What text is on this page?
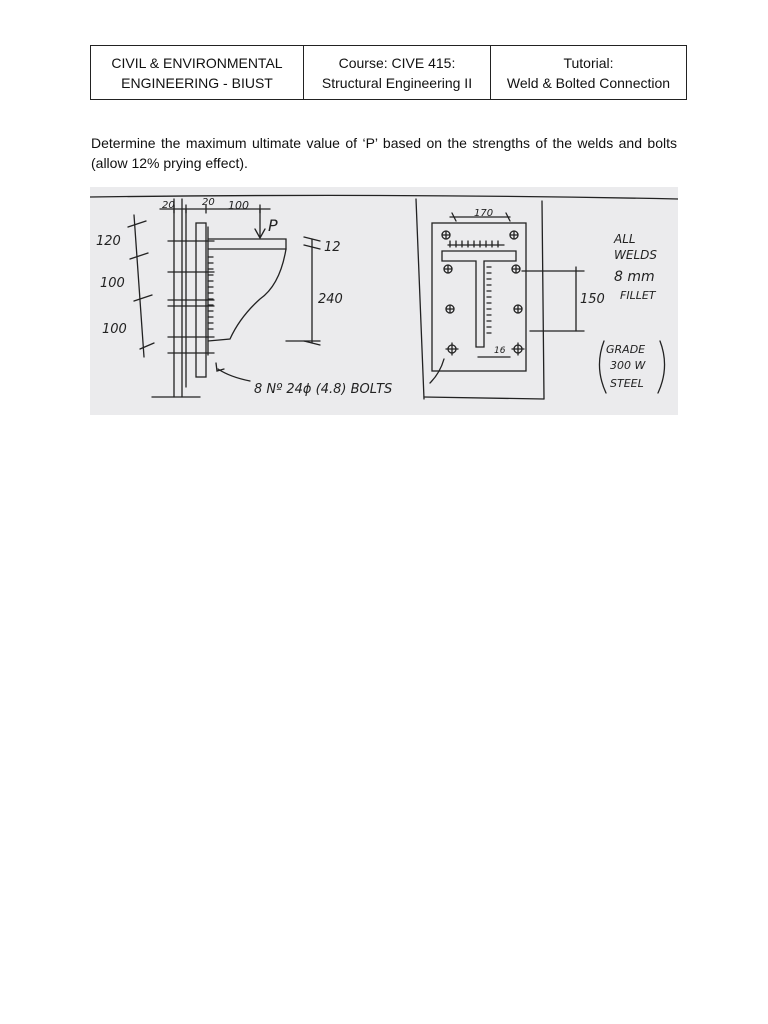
CIVIL & ENVIRONMENTAL
ENGINEERING - BIUST

Course: CIVE 415:
Structural Engineering II

Tutorial:
Weld & Bolted Connection
Determine the maximum ultimate value of ‘P’ based on the strengths of the welds and bolts (allow 12% prying effect).
20	20 100
P
12
240
120
100
100
8 Nº 24ϕ (4.8) BOLTS
170
150
16
ALL
WELDS
8 mm
FILLET
GRADE
300 W
STEEL
